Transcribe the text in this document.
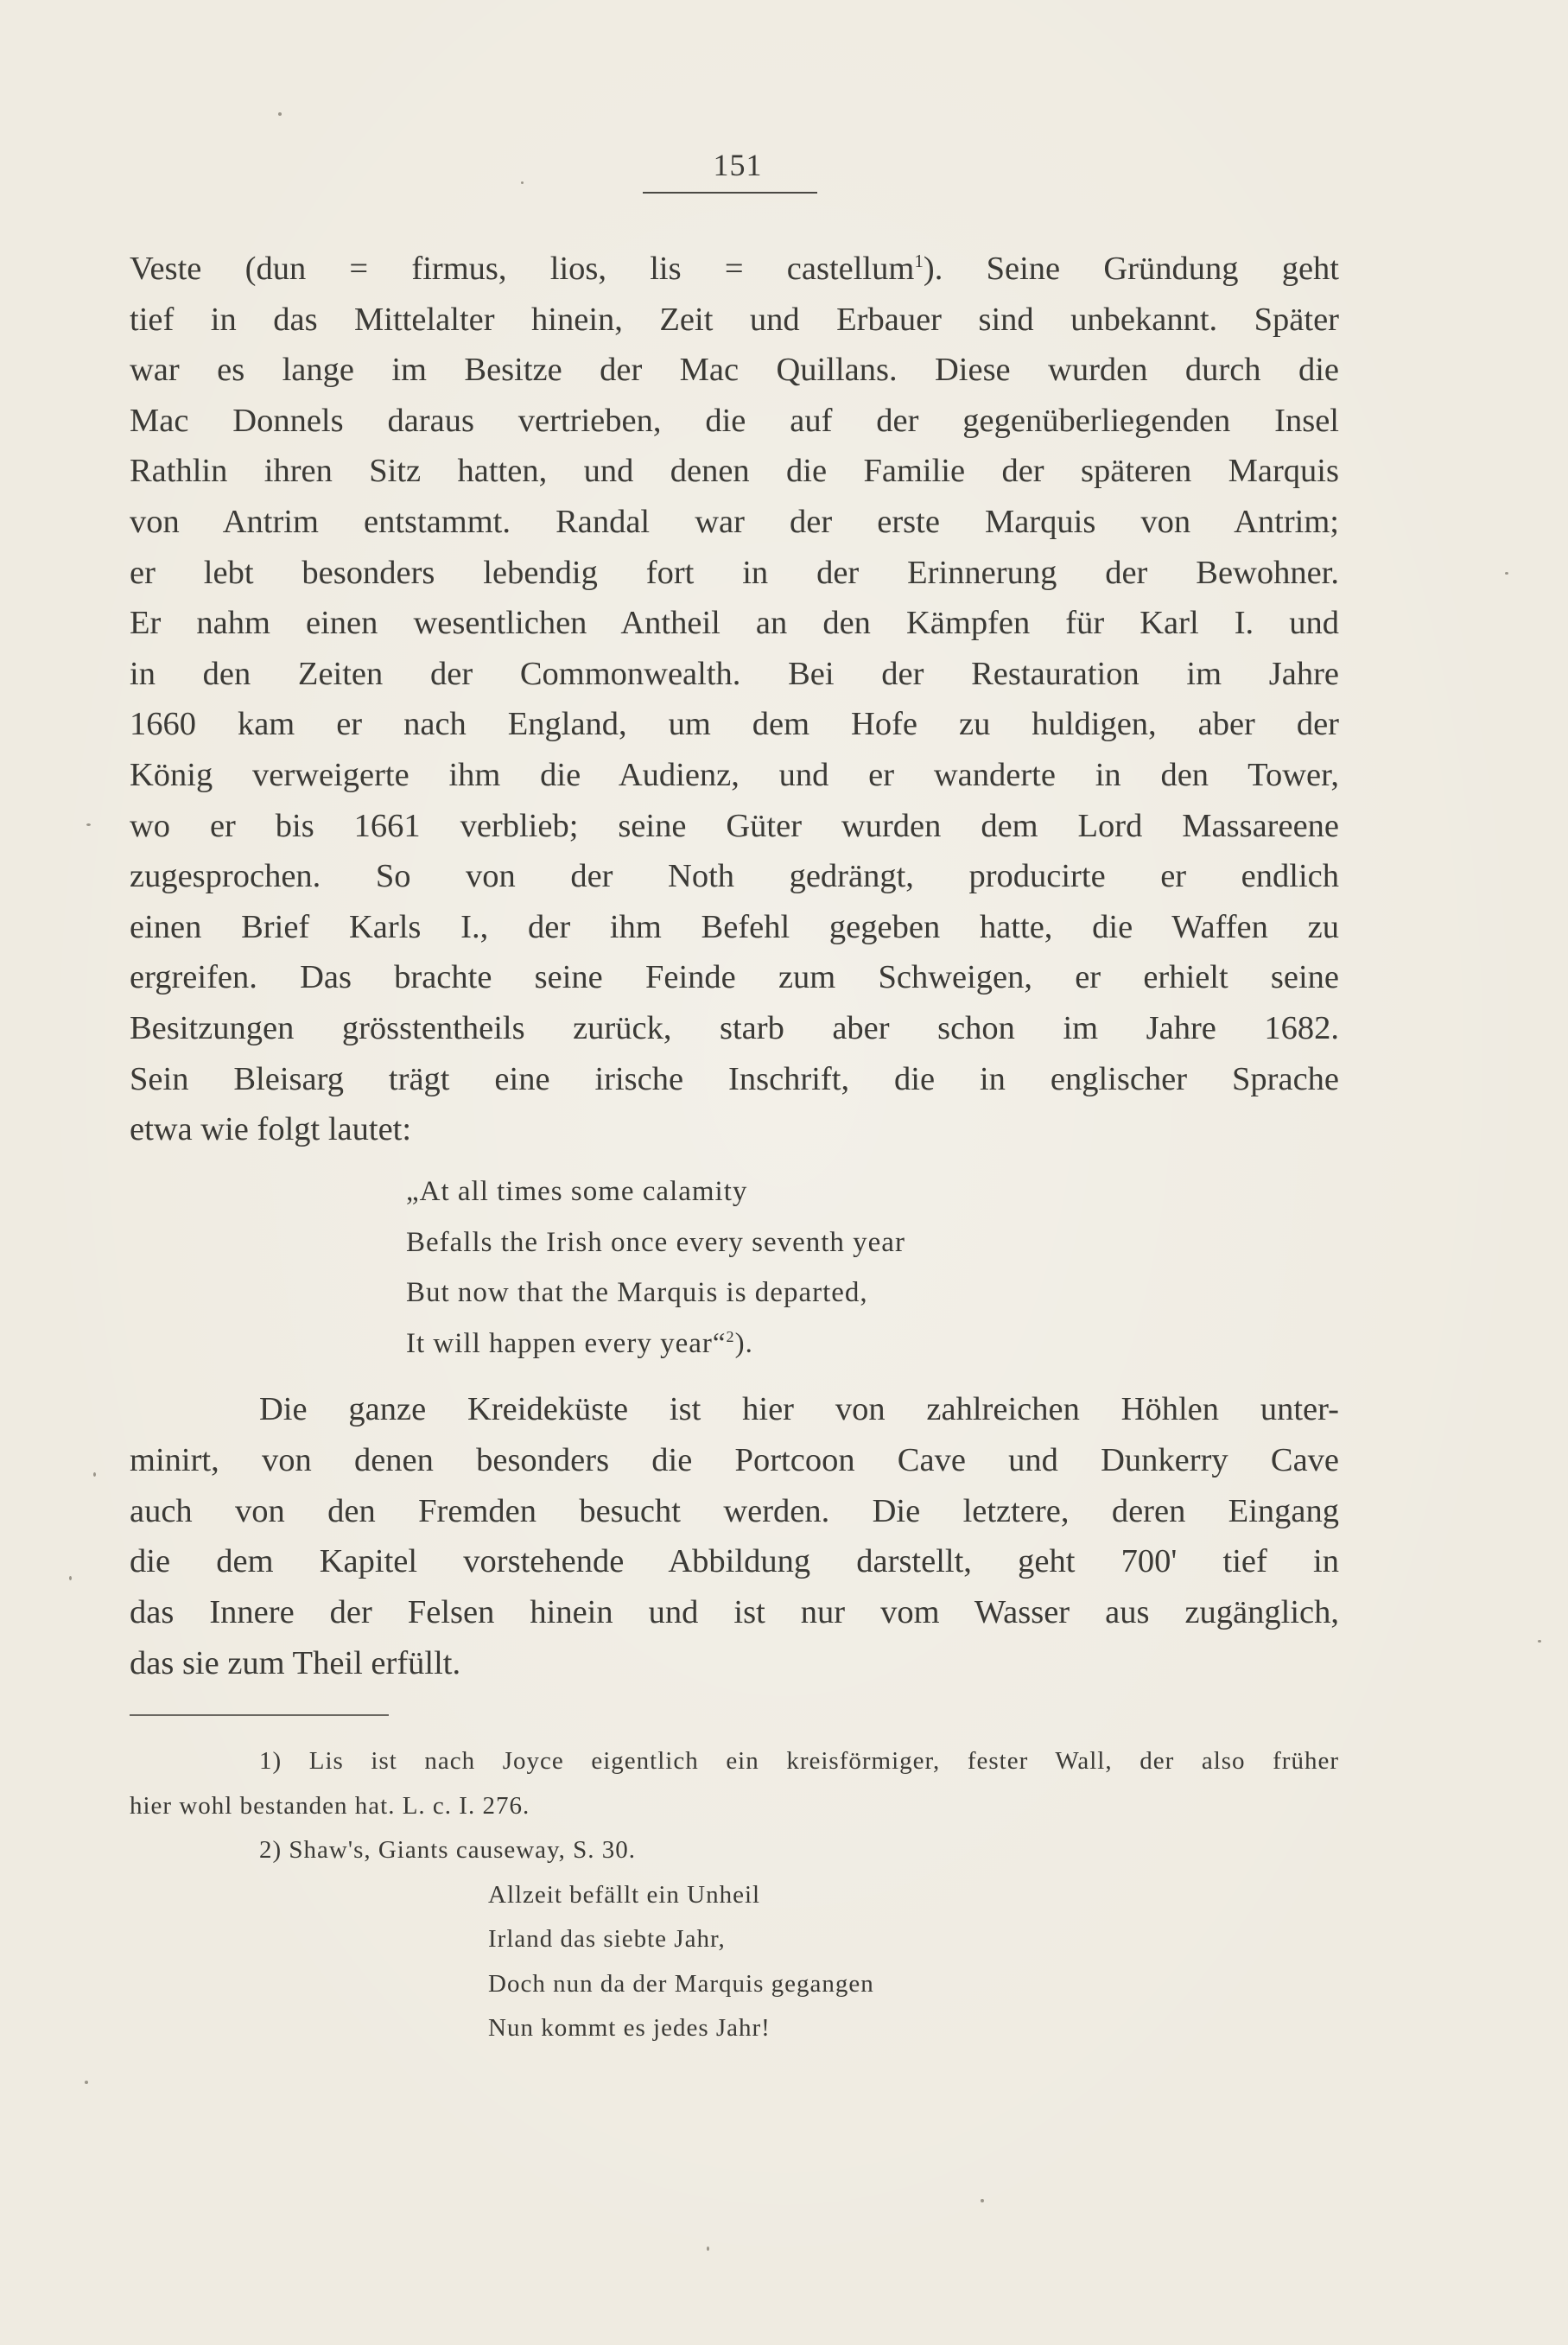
151
Veste (dun = firmus, lios, lis = castellum$^1$). Seine Gründung geht
tief in das Mittelalter hinein, Zeit und Erbauer sind unbekannt. Später
war es lange im Besitze der Mac Quillans. Diese wurden durch die
Mac Donnels daraus vertrieben, die auf der gegenüberliegenden Insel
Rathlin ihren Sitz hatten, und denen die Familie der späteren Marquis
von Antrim entstammt. Randal war der erste Marquis von Antrim;
er lebt besonders lebendig fort in der Erinnerung der Bewohner.
Er nahm einen wesentlichen Antheil an den Kämpfen für Karl I. und
in den Zeiten der Commonwealth. Bei der Restauration im Jahre
1660 kam er nach England, um dem Hofe zu huldigen, aber der
König verweigerte ihm die Audienz, und er wanderte in den Tower,
wo er bis 1661 verblieb; seine Güter wurden dem Lord Massareene
zugesprochen. So von der Noth gedrängt, producirte er endlich
einen Brief Karls I., der ihm Befehl gegeben hatte, die Waffen zu
ergreifen. Das brachte seine Feinde zum Schweigen, er erhielt seine
Besitzungen grösstentheils zurück, starb aber schon im Jahre 1682.
Sein Bleisarg trägt eine irische Inschrift, die in englischer Sprache
etwa wie folgt lautet:
„At all times some calamity
Befalls the Irish once every seventh year
But now that the Marquis is departed,
It will happen every year“$^2$).
Die ganze Kreideküste ist hier von zahlreichen Höhlen unter-
minirt, von denen besonders die Portcoon Cave und Dunkerry Cave
auch von den Fremden besucht werden. Die letztere, deren Eingang
die dem Kapitel vorstehende Abbildung darstellt, geht 700' tief in
das Innere der Felsen hinein und ist nur vom Wasser aus zugänglich,
das sie zum Theil erfüllt.
1) Lis ist nach Joyce eigentlich ein kreisförmiger, fester Wall, der also früher
hier wohl bestanden hat. L. c. I. 276.
2) Shaw's, Giants causeway, S. 30.
Allzeit befällt ein Unheil
Irland das siebte Jahr,
Doch nun da der Marquis gegangen
Nun kommt es jedes Jahr!
